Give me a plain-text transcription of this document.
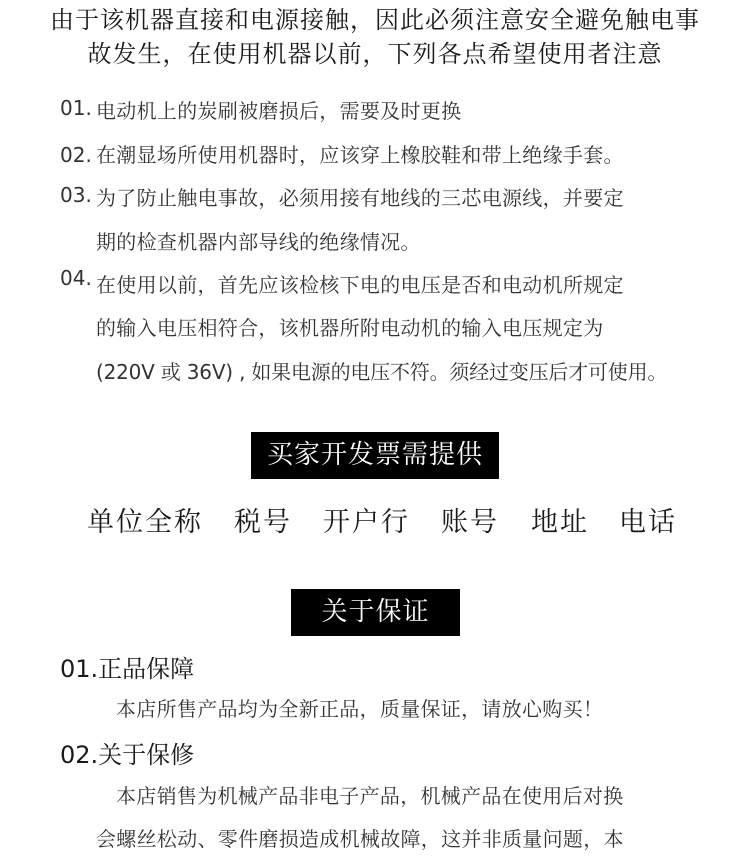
由于该机器直接和电源接触，因此必须注意安全避免触电事
故发生，在使用机器以前，下列各点希望使用者注意
01. 电动机上的炭刷被磨损后，需要及时更换
02. 在潮显场所使用机器时，应该穿上橡胶鞋和带上绝缘手套。
03. 为了防止触电事故，必须用接有地线的三芯电源线，并要定
期的检查机器内部导线的绝缘情况。
04. 在使用以前，首先应该检核下电的电压是否和电动机所规定
的输入电压相符合，该机器所附电动机的输入电压规定为
(220V 或 36V) , 如果电源的电压不符。须经过变压后才可使用。
买家开发票需提供
单位全称 税号 开户行 账号 地址 电话
关于保证
01.正品保障
本店所售产品均为全新正品，质量保证，请放心购买！
02.关于保修
本店销售为机械产品非电子产品，机械产品在使用后对换
会螺丝松动、零件磨损造成机械故障，这并非质量问题，本
